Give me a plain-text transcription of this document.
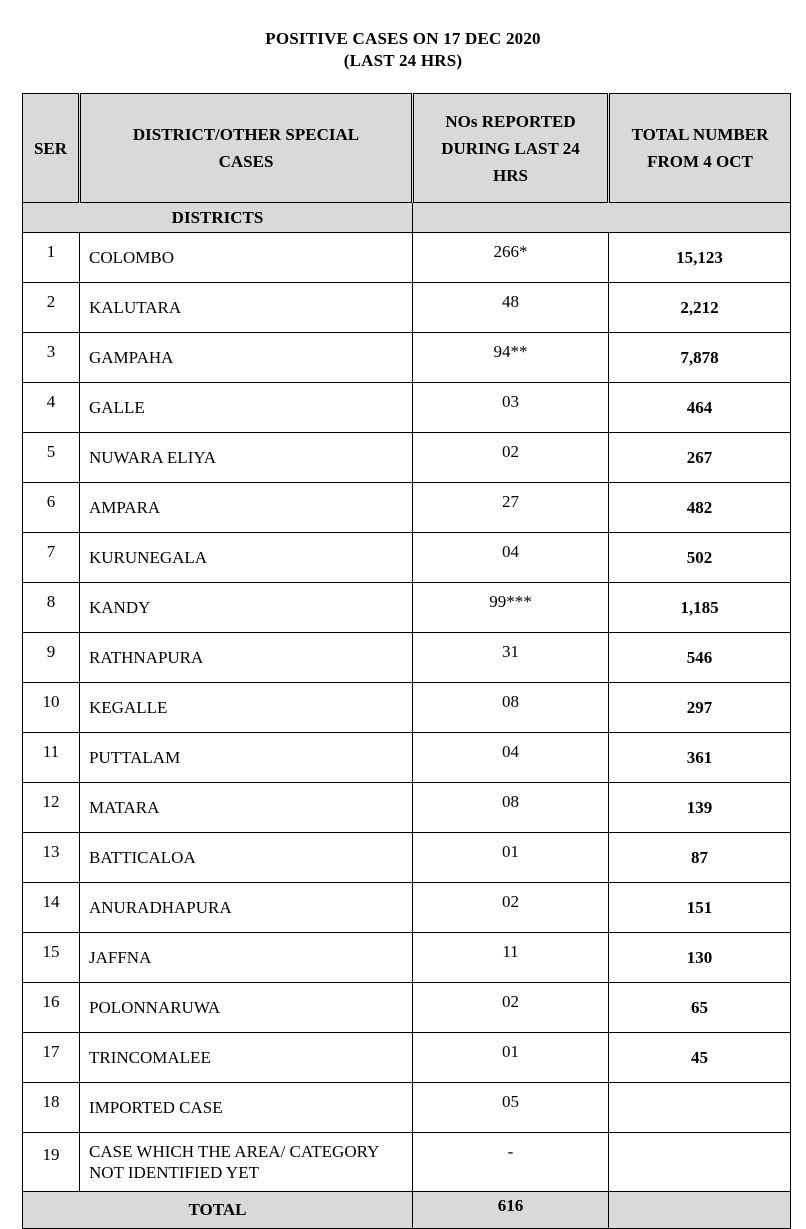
POSITIVE CASES ON 17 DEC 2020
(LAST 24 HRS)
SER	DISTRICT/OTHER SPECIAL CASES	NOs REPORTED DURING LAST 24 HRS	TOTAL NUMBER FROM 4 OCT

DISTRICTS			
1	COLOMBO	266*	15,123
2	KALUTARA	48	2,212
3	GAMPAHA	94**	7,878
4	GALLE	03	464
5	NUWARA ELIYA	02	267
6	AMPARA	27	482
7	KURUNEGALA	04	502
8	KANDY	99***	1,185
9	RATHNAPURA	31	546
10	KEGALLE	08	297
11	PUTTALAM	04	361
12	MATARA	08	139
13	BATTICALOA	01	87
14	ANURADHAPURA	02	151
15	JAFFNA	11	130
16	POLONNARUWA	02	65
17	TRINCOMALEE	01	45
18	IMPORTED CASE	05	
19	CASE WHICH THE AREA/ CATEGORY NOT IDENTIFIED YET	-	
TOTAL		616	
